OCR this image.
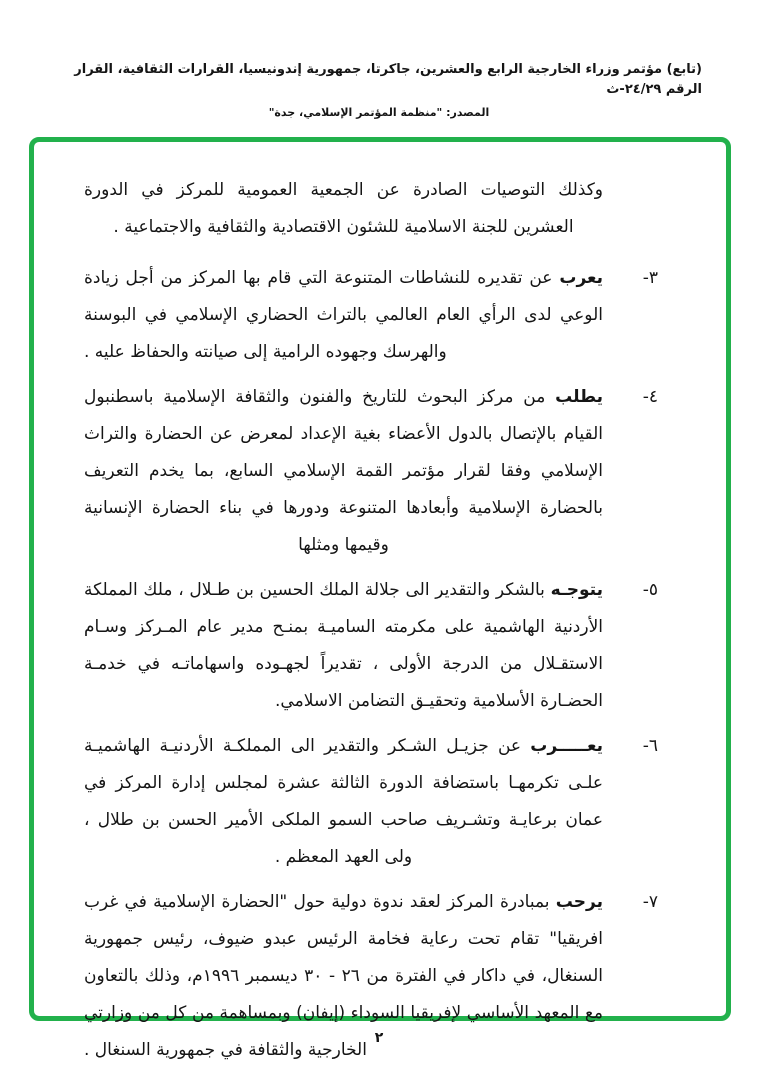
(تابع) مؤتمر وزراء الخارجية الرابع والعشرين، جاكرتا، جمهورية إندونيسيا، القرارات الثقافية، القرار الرقم ٢٤/٢٩-ث
المصدر: "منظمة المؤتمر الإسلامي، جدة"

وكذلك التوصيات الصادرة عن الجمعية العمومية للمركز في الدورة العشرين للجنة الاسلامية للشئون الاقتصادية والثقافية والاجتماعية .

٣-

يعرب عن تقديره للنشاطات المتنوعة التي قام بها المركز من أجل زيادة الوعي لدى الرأي العام العالمي بالتراث الحضاري الإسلامي في البوسنة والهرسك وجهوده الرامية إلى صيانته والحفاظ عليه .

٤-

يطلب من مركز البحوث للتاريخ والفنون والثقافة الإسلامية باسطنبول القيام بالإتصال بالدول الأعضاء بغية الإعداد لمعرض عن الحضارة والتراث الإسلامي وفقا لقرار مؤتمر القمة الإسلامي السابع، بما يخدم التعريف بالحضارة الإسلامية وأبعادها المتنوعة ودورها في بناء الحضارة الإنسانية وقيمها ومثلها

٥-

يتوجـه بالشكر والتقدير الى جلالة الملك الحسين بن طـلال ، ملك المملكة الأردنية الهاشمية على مكرمته الساميـة بمنـح مدير عام المـركز وسـام الاستقـلال من الدرجة الأولى ، تقديراً لجهـوده واسهاماتـه في خدمـة الحضـارة الأسلامية وتحقيـق التضامن الاسلامي.

٦-

يعـــــرب عن جزيـل الشـكر والتقدير الى المملكـة الأردنيـة الهاشميـة علـى تكرمهـا باستضافة الدورة الثالثة عشرة لمجلس إدارة المركز في عمان برعايـة وتشـريف صاحب السمو الملكى الأمير الحسن بن طلال ، ولى العهد المعظم .

٧-

يرحب بمبادرة المركز لعقد ندوة دولية حول "الحضارة الإسلامية في غرب افريقيا" تقام تحت رعاية فخامة الرئيس عبدو ضيوف، رئيس جمهورية السنغال، في داكار في الفترة من ٢٦ - ٣٠ ديسمبر ١٩٩٦م، وذلك بالتعاون مع المعهد الأساسي لإفريقيا السوداء (إيفان) وبمساهمة من كل من وزارتي الخارجية والثقافة في جمهورية السنغال .

٢
